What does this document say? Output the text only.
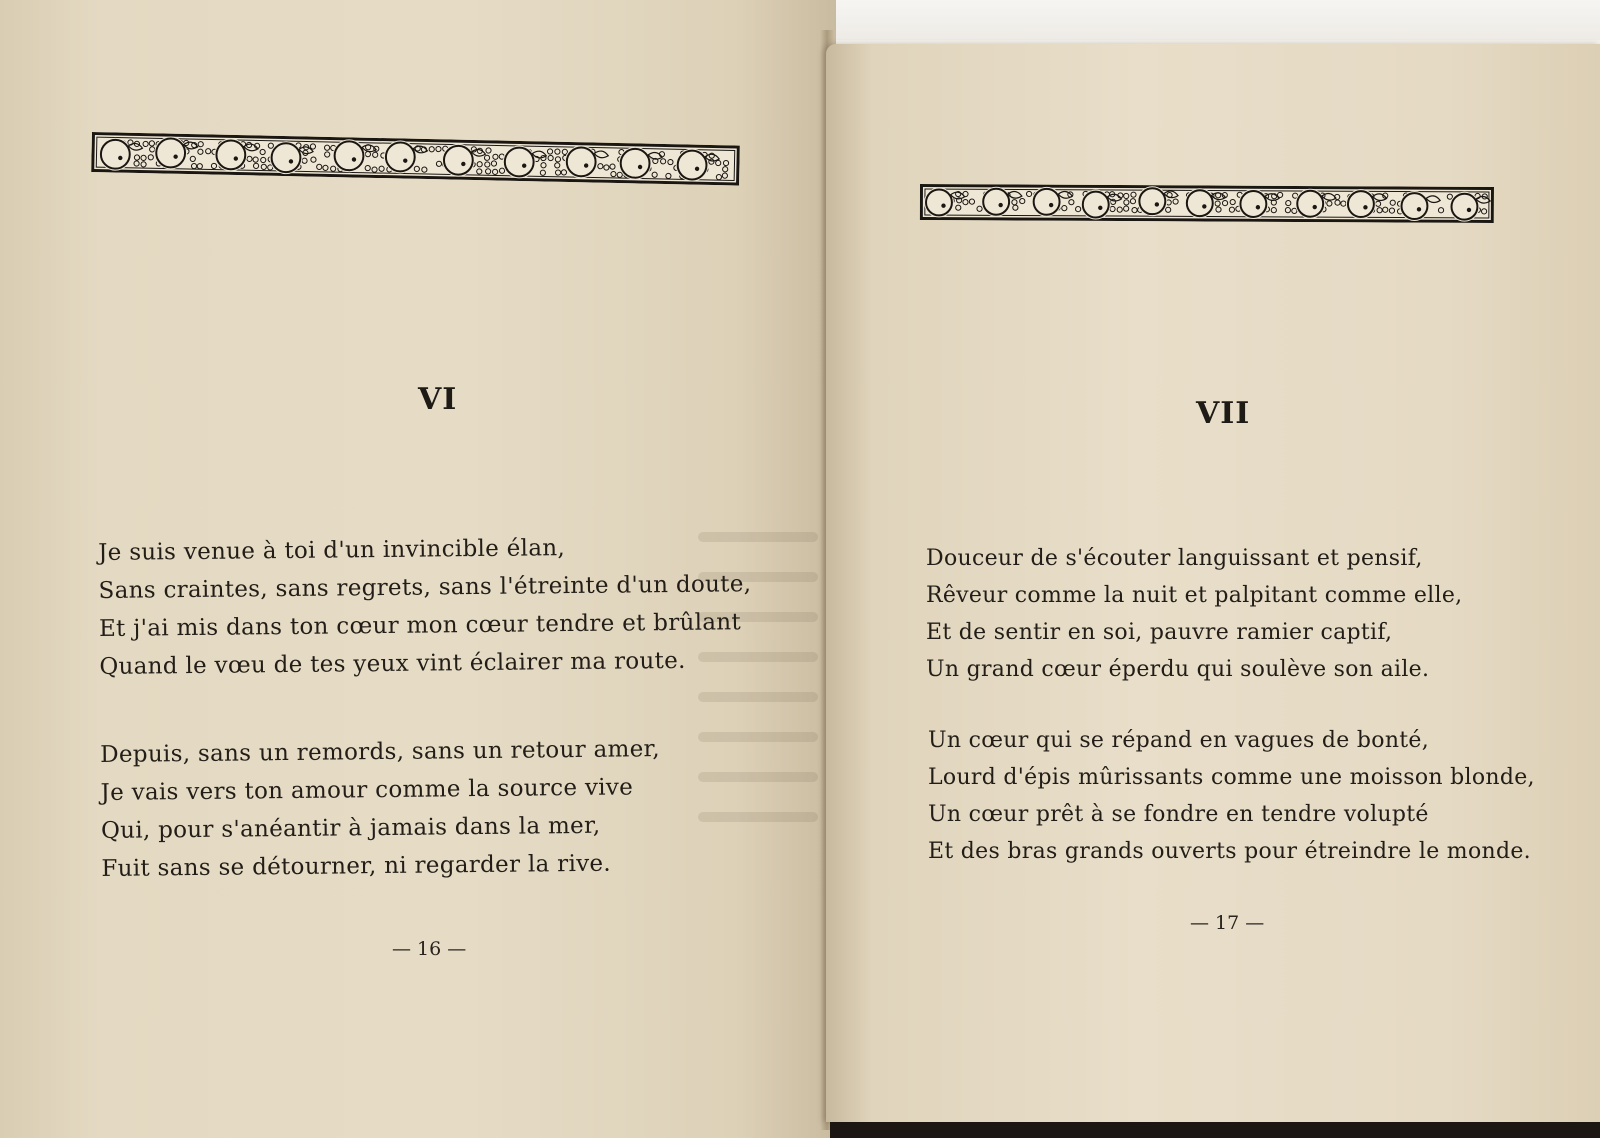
VI
Je suis venue à toi d'un invincible élan,
Sans craintes, sans regrets, sans l'étreinte d'un doute,
Et j'ai mis dans ton cœur mon cœur tendre et brûlant
Quand le vœu de tes yeux vint éclairer ma route.
Depuis, sans un remords, sans un retour amer,
Je vais vers ton amour comme la source vive
Qui, pour s'anéantir à jamais dans la mer,
Fuit sans se détourner, ni regarder la rive.
— 16 —
VII
Douceur de s'écouter languissant et pensif,
Rêveur comme la nuit et palpitant comme elle,
Et de sentir en soi, pauvre ramier captif,
Un grand cœur éperdu qui soulève son aile.
Un cœur qui se répand en vagues de bonté,
Lourd d'épis mûrissants comme une moisson blonde,
Un cœur prêt à se fondre en tendre volupté
Et des bras grands ouverts pour étreindre le monde.
— 17 —
